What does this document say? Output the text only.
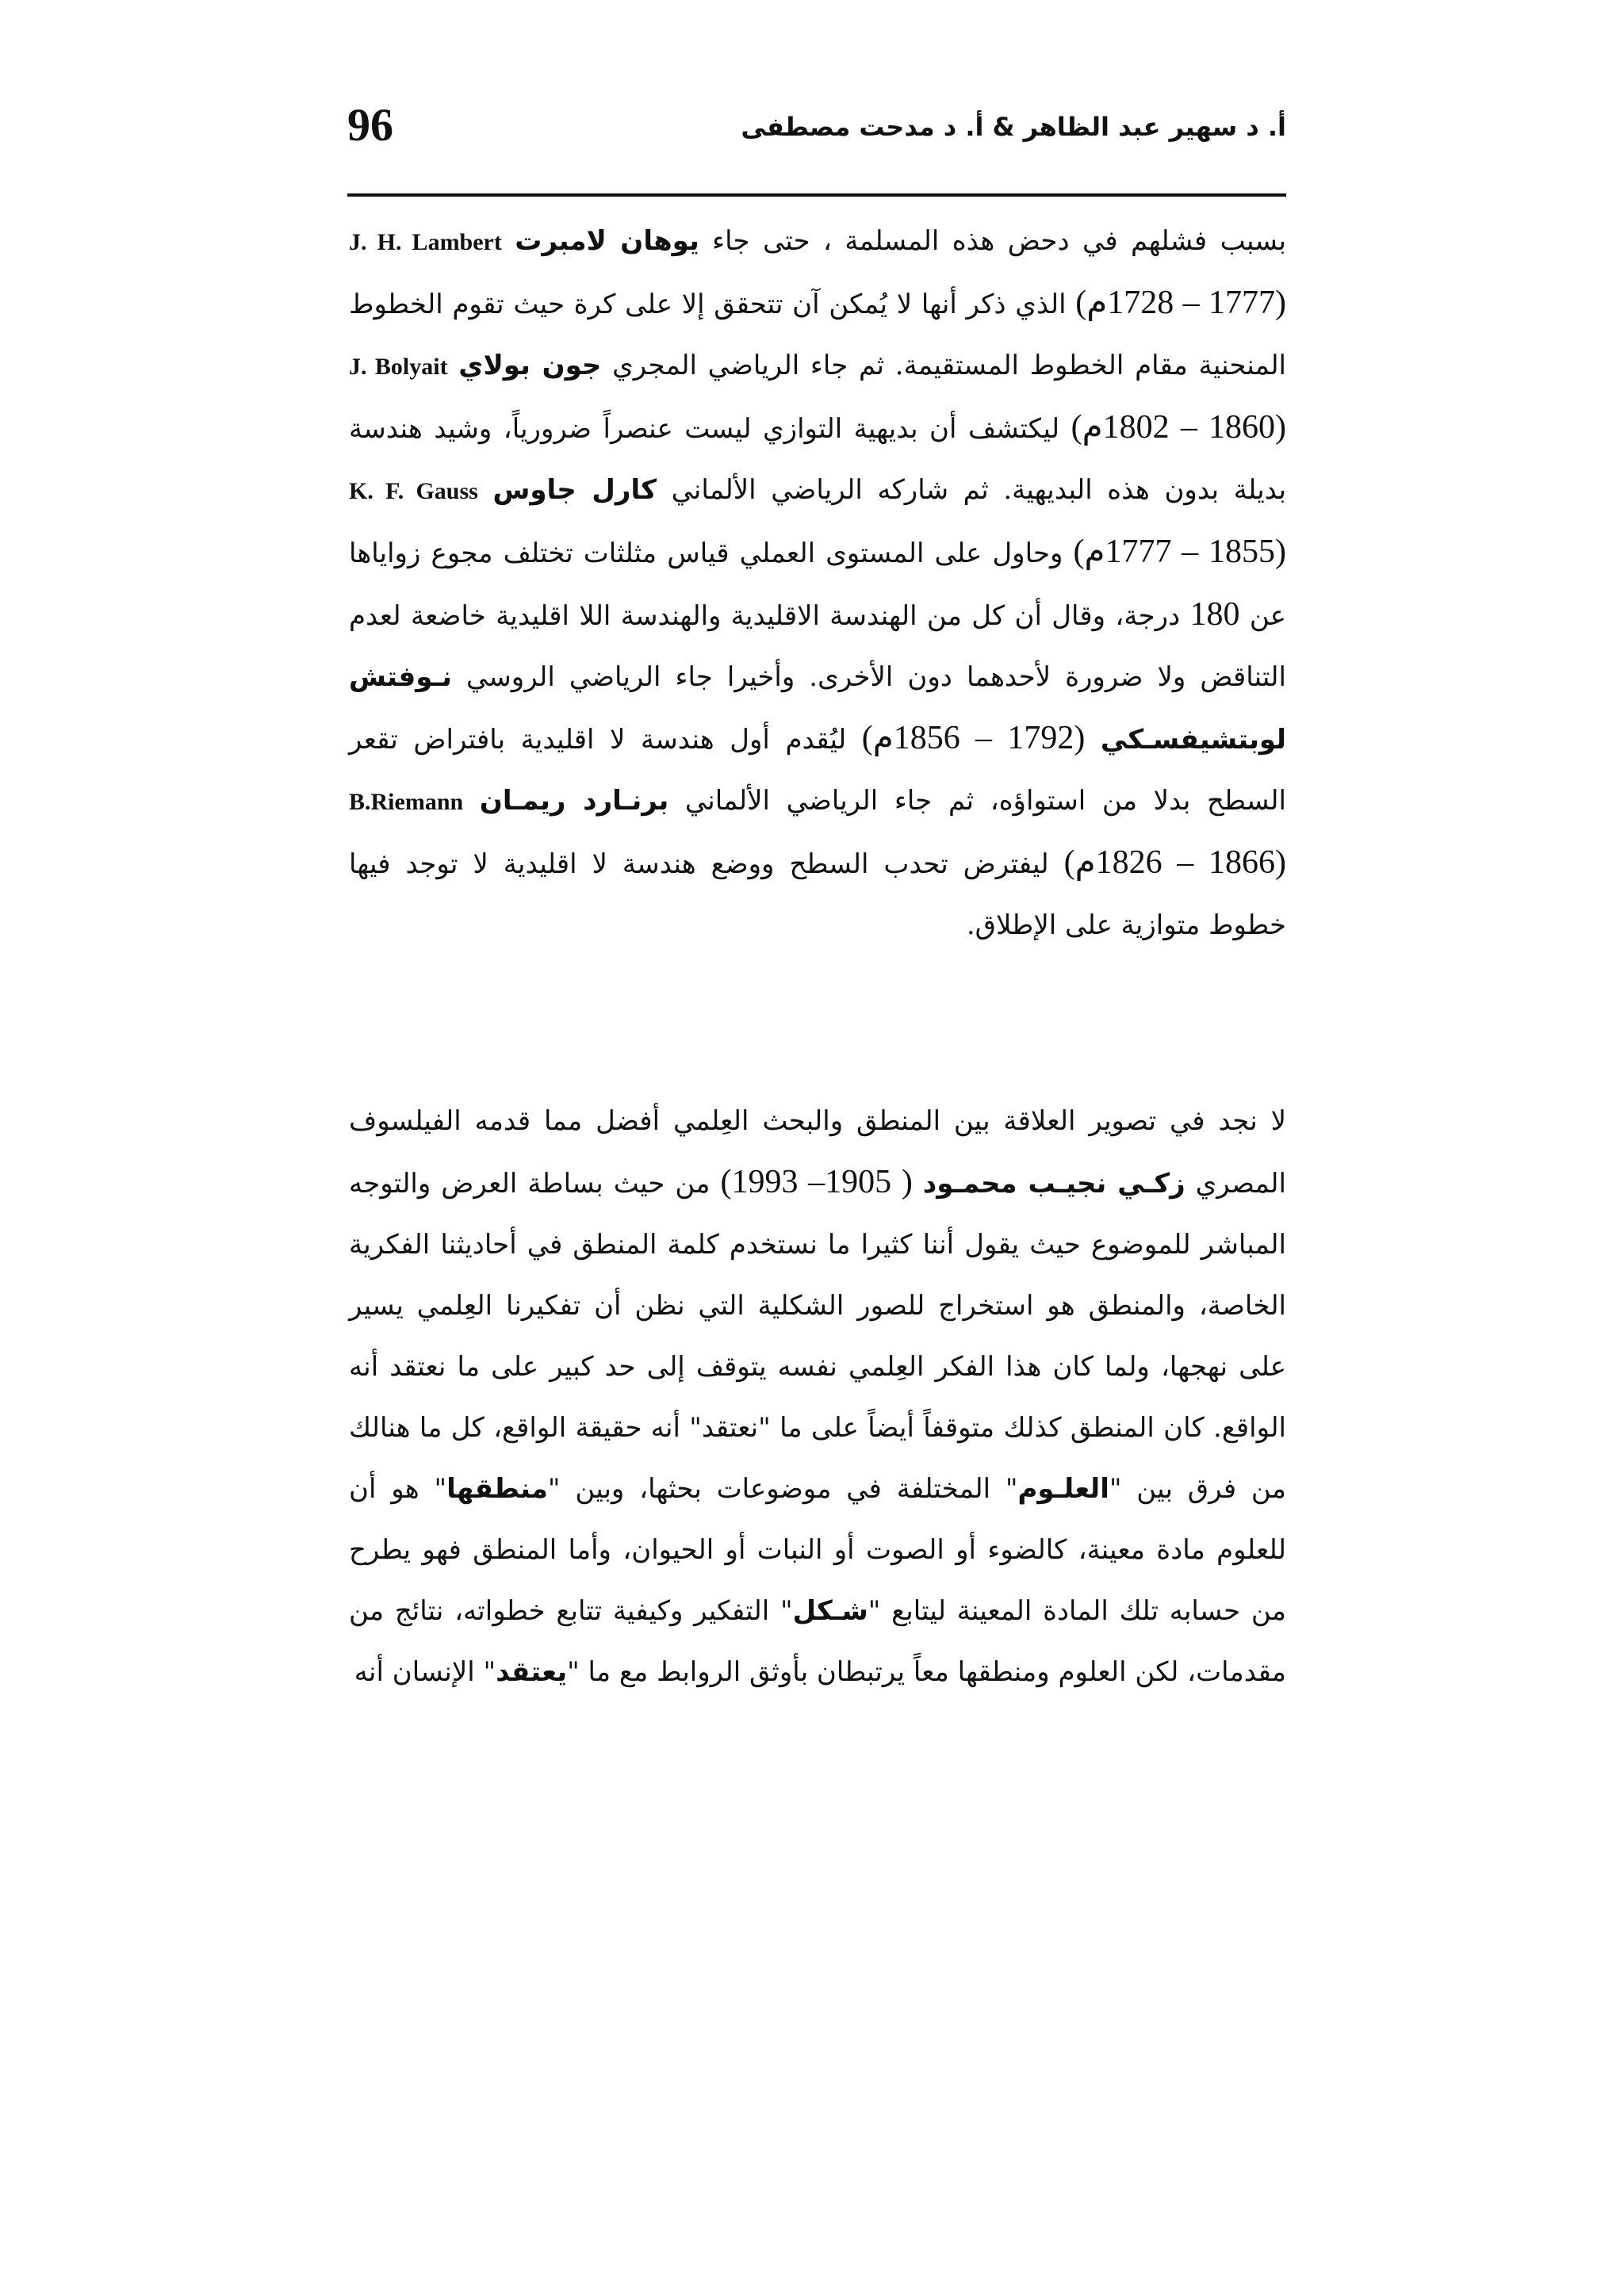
96	أ. د سهير عبد الظاهر & أ. د مدحت مصطفى

بسبب فشلهم في دحض هذه المسلمة ، حتى جاء يوهان لامبرت J. H. Lambert (1728 – 1777م) الذي ذكر أنها لا يُمكن آن تتحقق إلا على كرة حيث تقوم الخطوط المنحنية مقام الخطوط المستقيمة. ثم جاء الرياضي المجري جون بولاي J. Bolyait (1802 – 1860م) ليكتشف أن بديهية التوازي ليست عنصراً ضرورياً، وشيد هندسة بديلة بدون هذه البديهية. ثم شاركه الرياضي الألماني كارل جاوس K. F. Gauss (1777 – 1855م) وحاول على المستوى العملي قياس مثلثات تختلف مجوع زواياها عن 180 درجة، وقال أن كل من الهندسة الاقليدية والهندسة اللا اقليدية خاضعة لعدم التناقض ولا ضرورة لأحدهما دون الأخرى. وأخيرا جاء الرياضي الروسي نـوفتش لوبتشيفسـكي (1792 – 1856م) ليُقدم أول هندسة لا اقليدية بافتراض تقعر السطح بدلا من استواؤه، ثم جاء الرياضي الألماني برنـارد ريمـان B.Riemann (1826 – 1866م) ليفترض تحدب السطح ووضع هندسة لا اقليدية لا توجد فيها خطوط متوازية على الإطلاق.

لا نجد في تصوير العلاقة بين المنطق والبحث العِلمي أفضل مما قدمه الفيلسوف المصري زكـي نجيـب محمـود ( 1905– 1993) من حيث بساطة العرض والتوجه المباشر للموضوع حيث يقول أننا كثيرا ما نستخدم كلمة المنطق في أحاديثنا الفكرية الخاصة، والمنطق هو استخراج للصور الشكلية التي نظن أن تفكيرنا العِلمي يسير على نهجها، ولما كان هذا الفكر العِلمي نفسه يتوقف إلى حد كبير على ما نعتقد أنه الواقع. كان المنطق كذلك متوقفاً أيضاً على ما "نعتقد" أنه حقيقة الواقع، كل ما هنالك من فرق بين "العلـوم" المختلفة في موضوعات بحثها، وبين "منطقها" هو أن للعلوم مادة معينة، كالضوء أو الصوت أو النبات أو الحيوان، وأما المنطق فهو يطرح من حسابه تلك المادة المعينة ليتابع "شـكل" التفكير وكيفية تتابع خطواته، نتائج من مقدمات، لكن العلوم ومنطقها معاً يرتبطان بأوثق الروابط مع ما "يعتقد" الإنسان أنه
